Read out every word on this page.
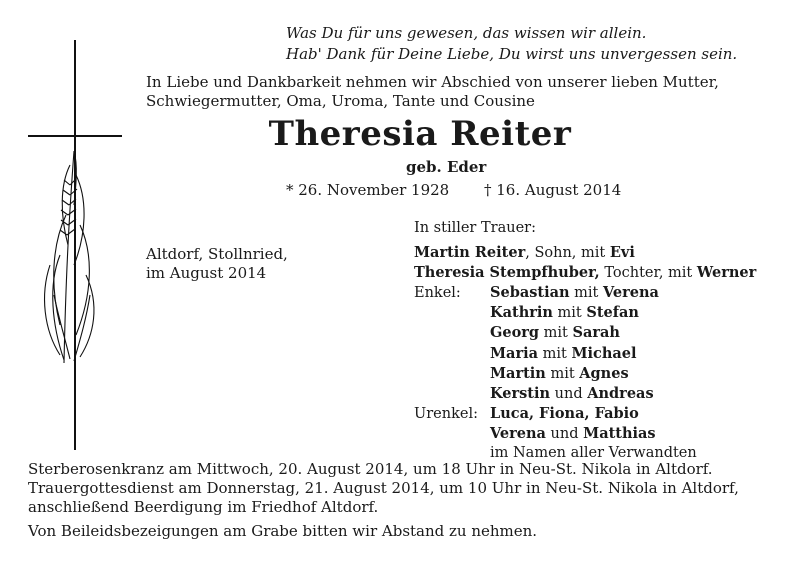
Was Du für uns gewesen, das wissen wir allein.
Hab' Dank für Deine Liebe, Du wirst uns unvergessen sein.
In Liebe und Dankbarkeit nehmen wir Abschied von unserer lieben Mutter,
Schwiegermutter, Oma, Uroma, Tante und Cousine
Theresia Reiter
geb. Eder
* 26. November 1928 † 16. August 2014
Altdorf, Stollnried,
im August 2014
In stiller Trauer:
Martin Reiter, Sohn, mit Evi
Theresia Stempfhuber, Tochter, mit Werner
Enkel: Sebastian mit Verena
Kathrin mit Stefan
Georg mit Sarah
Maria mit Michael
Martin mit Agnes
Kerstin und Andreas
Urenkel: Luca, Fiona, Fabio
Verena und Matthias
im Namen aller Verwandten
Sterberosenkranz am Mittwoch, 20. August 2014, um 18 Uhr in Neu-St. Nikola in Altdorf.
Trauergottesdienst am Donnerstag, 21. August 2014, um 10 Uhr in Neu-St. Nikola in Altdorf,
anschließend Beerdigung im Friedhof Altdorf.
Von Beileidsbezeigungen am Grabe bitten wir Abstand zu nehmen.
